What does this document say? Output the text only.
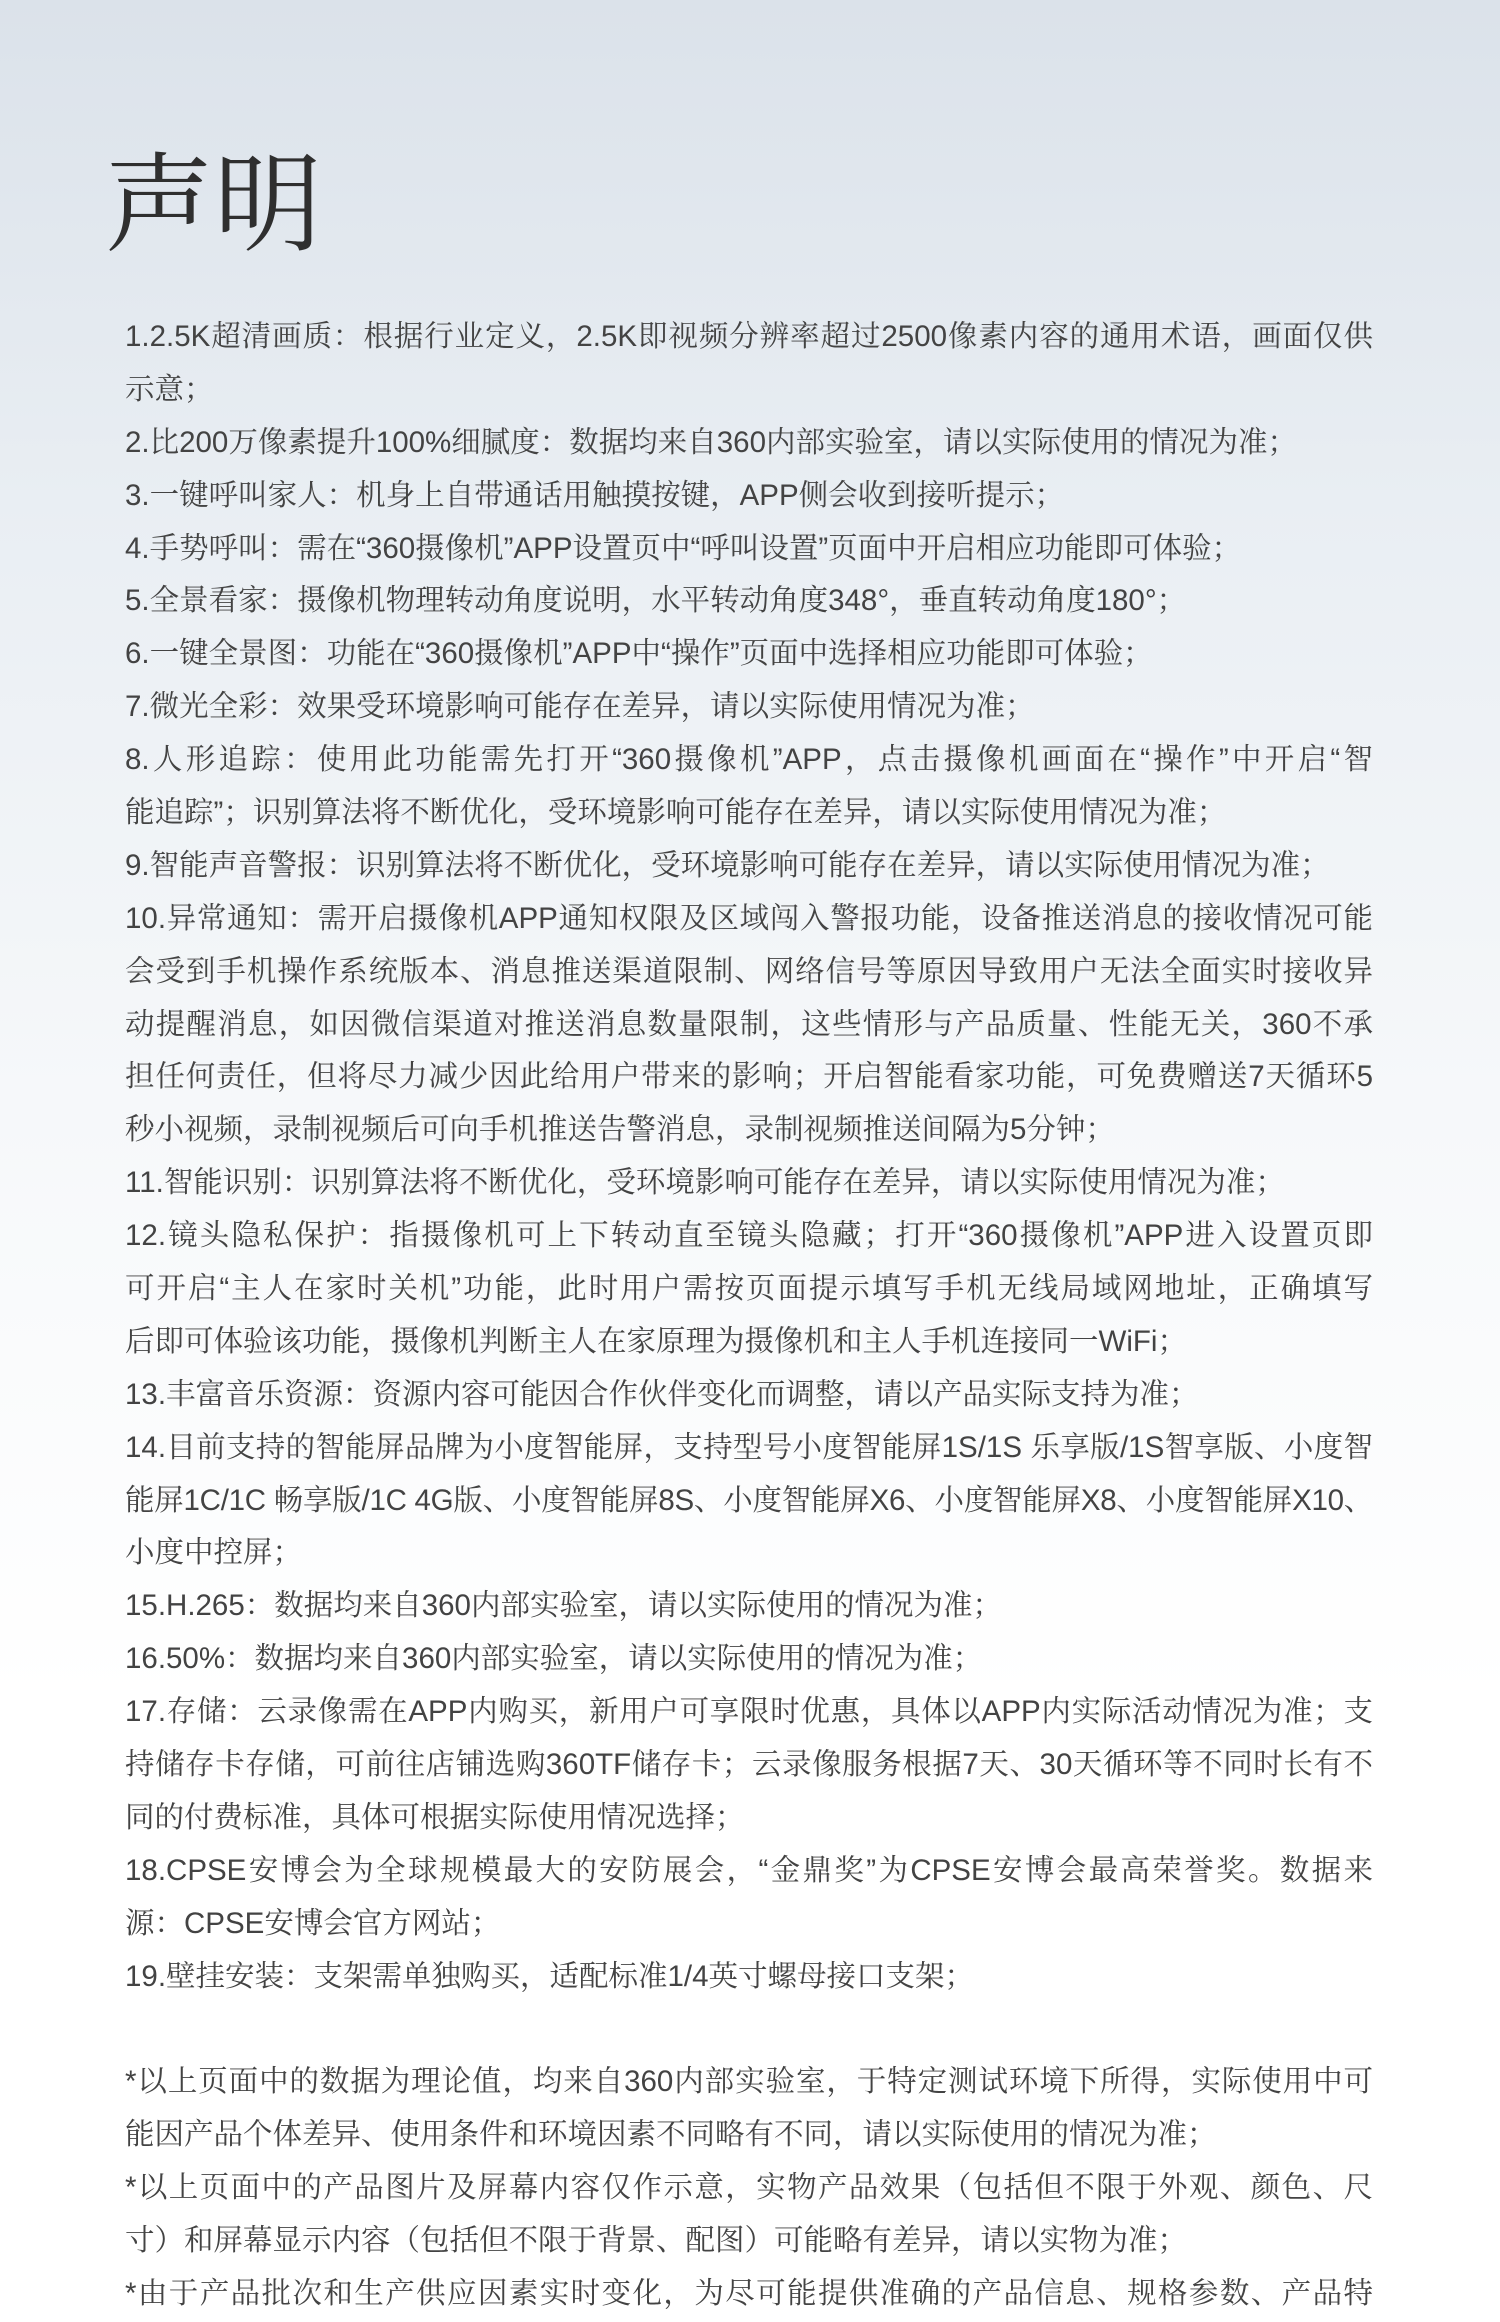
声明
1.2.5K超清画质：根据行业定义，2.5K即视频分辨率超过2500像素内容的通用术语，画面仅供
示意；
2.比200万像素提升100%细腻度：数据均来自360内部实验室，请以实际使用的情况为准；
3.一键呼叫家人：机身上自带通话用触摸按键，APP侧会收到接听提示；
4.手势呼叫：需在“360摄像机”APP设置页中“呼叫设置”页面中开启相应功能即可体验；
5.全景看家：摄像机物理转动角度说明，水平转动角度348°，垂直转动角度180°；
6.一键全景图：功能在“360摄像机”APP中“操作”页面中选择相应功能即可体验；
7.微光全彩：效果受环境影响可能存在差异，请以实际使用情况为准；
8.人形追踪：使用此功能需先打开“360摄像机”APP，点击摄像机画面在“操作”中开启“智
能追踪”；识别算法将不断优化，受环境影响可能存在差异，请以实际使用情况为准；
9.智能声音警报：识别算法将不断优化，受环境影响可能存在差异，请以实际使用情况为准；
10.异常通知：需开启摄像机APP通知权限及区域闯入警报功能，设备推送消息的接收情况可能
会受到手机操作系统版本、消息推送渠道限制、网络信号等原因导致用户无法全面实时接收异
动提醒消息，如因微信渠道对推送消息数量限制，这些情形与产品质量、性能无关，360不承
担任何责任，但将尽力减少因此给用户带来的影响；开启智能看家功能，可免费赠送7天循环5
秒小视频，录制视频后可向手机推送告警消息，录制视频推送间隔为5分钟；
11.智能识别：识别算法将不断优化，受环境影响可能存在差异，请以实际使用情况为准；
12.镜头隐私保护：指摄像机可上下转动直至镜头隐藏；打开“360摄像机”APP进入设置页即
可开启“主人在家时关机”功能，此时用户需按页面提示填写手机无线局域网地址，正确填写
后即可体验该功能，摄像机判断主人在家原理为摄像机和主人手机连接同一WiFi；
13.丰富音乐资源：资源内容可能因合作伙伴变化而调整，请以产品实际支持为准；
14.目前支持的智能屏品牌为小度智能屏，支持型号小度智能屏1S/1S 乐享版/1S智享版、小度智
能屏1C/1C 畅享版/1C 4G版、小度智能屏8S、小度智能屏X6、小度智能屏X8、小度智能屏X10、
小度中控屏；
15.H.265：数据均来自360内部实验室，请以实际使用的情况为准；
16.50%：数据均来自360内部实验室，请以实际使用的情况为准；
17.存储：云录像需在APP内购买，新用户可享限时优惠，具体以APP内实际活动情况为准；支
持储存卡存储，可前往店铺选购360TF储存卡；云录像服务根据7天、30天循环等不同时长有不
同的付费标准，具体可根据实际使用情况选择；
18.CPSE安博会为全球规模最大的安防展会，“金鼎奖”为CPSE安博会最高荣誉奖。数据来
源：CPSE安博会官方网站；
19.壁挂安装：支架需单独购买，适配标准1/4英寸螺母接口支架；
*以上页面中的数据为理论值，均来自360内部实验室，于特定测试环境下所得，实际使用中可
能因产品个体差异、使用条件和环境因素不同略有不同，请以实际使用的情况为准；
*以上页面中的产品图片及屏幕内容仅作示意，实物产品效果（包括但不限于外观、颜色、尺
寸）和屏幕显示内容（包括但不限于背景、配图）可能略有差异，请以实物为准；
*由于产品批次和生产供应因素实时变化，为尽可能提供准确的产品信息、规格参数、产品特
